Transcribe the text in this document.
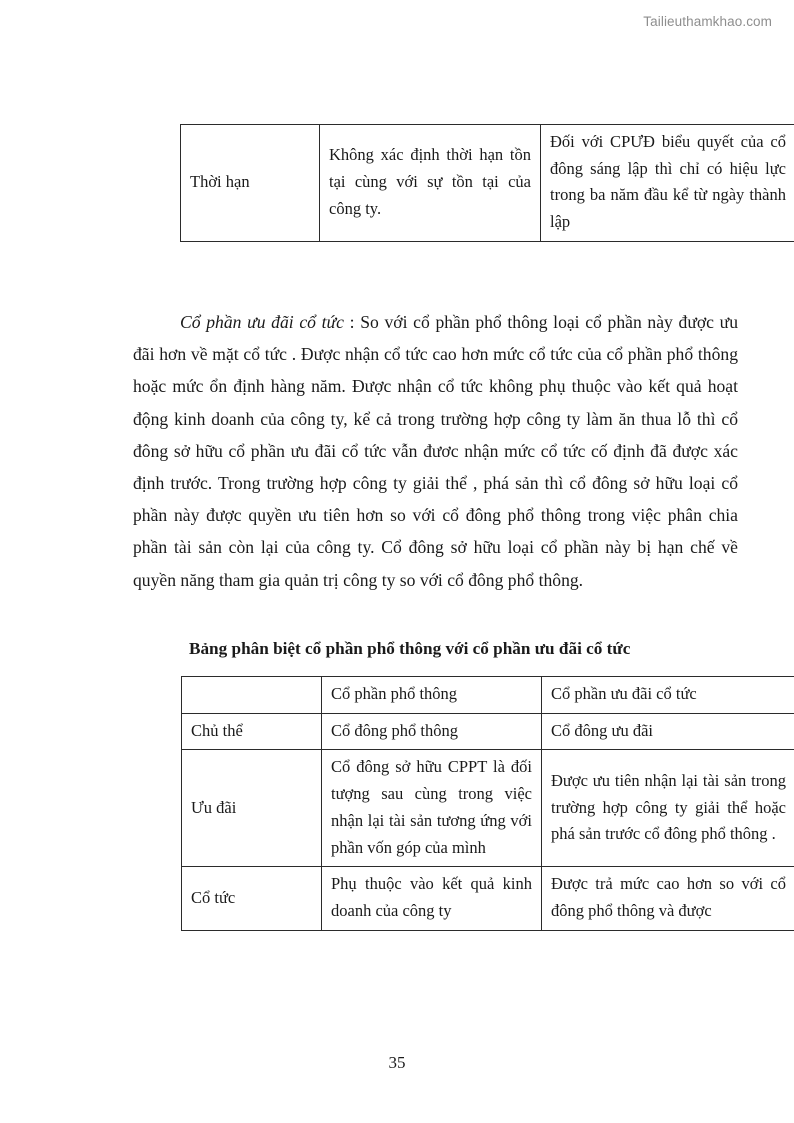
Tailieuthamkhao.com
Thời hạn	Không xác định thời hạn tồn tại cùng với sự tồn tại của công ty.	Đối với CPƯĐ biểu quyết của cổ đông sáng lập thì chỉ có hiệu lực trong ba năm đầu kể từ ngày thành lập
Cổ phần ưu đãi cổ tức : So với cổ phần phổ thông loại cổ phần này được ưu đãi hơn về mặt cổ tức . Được nhận cổ tức cao hơn mức cổ tức của cổ phần phổ thông hoặc mức ổn định hàng năm. Được nhận cổ tức không phụ thuộc vào kết quả hoạt động kinh doanh của công ty, kể cả trong trường hợp công ty làm ăn thua lỗ thì cổ đông sở hữu cổ phần ưu đãi cổ tức vẫn đươc nhận mức cổ tức cố định đã được xác định trước. Trong trường hợp công ty giải thể , phá sản thì cổ đông sở hữu loại cổ phần này được quyền ưu tiên hơn so với cổ đông phổ thông trong việc phân chia phần tài sản còn lại của công ty. Cổ đông sở hữu loại cổ phần này bị hạn chế về quyền năng tham gia quản trị công ty so với cổ đông phổ thông.
Bảng phân biệt cổ phần phổ thông với cổ phần ưu đãi cổ tức
	Cổ phần phổ thông	Cổ phần ưu đãi cổ tức
Chủ thể	Cổ đông phổ thông	Cổ đông ưu đãi
Ưu đãi	Cổ đông sở hữu CPPT là đối tượng sau cùng trong việc nhận lại tài sản tương ứng với phần vốn góp của mình	Được ưu tiên nhận lại tài sản trong trường hợp công ty giải thể hoặc phá sản trước cổ đông phổ thông .
Cổ tức	Phụ thuộc vào kết quả kinh doanh của công ty	Được trả mức cao hơn so với cổ đông phổ thông và được
35
